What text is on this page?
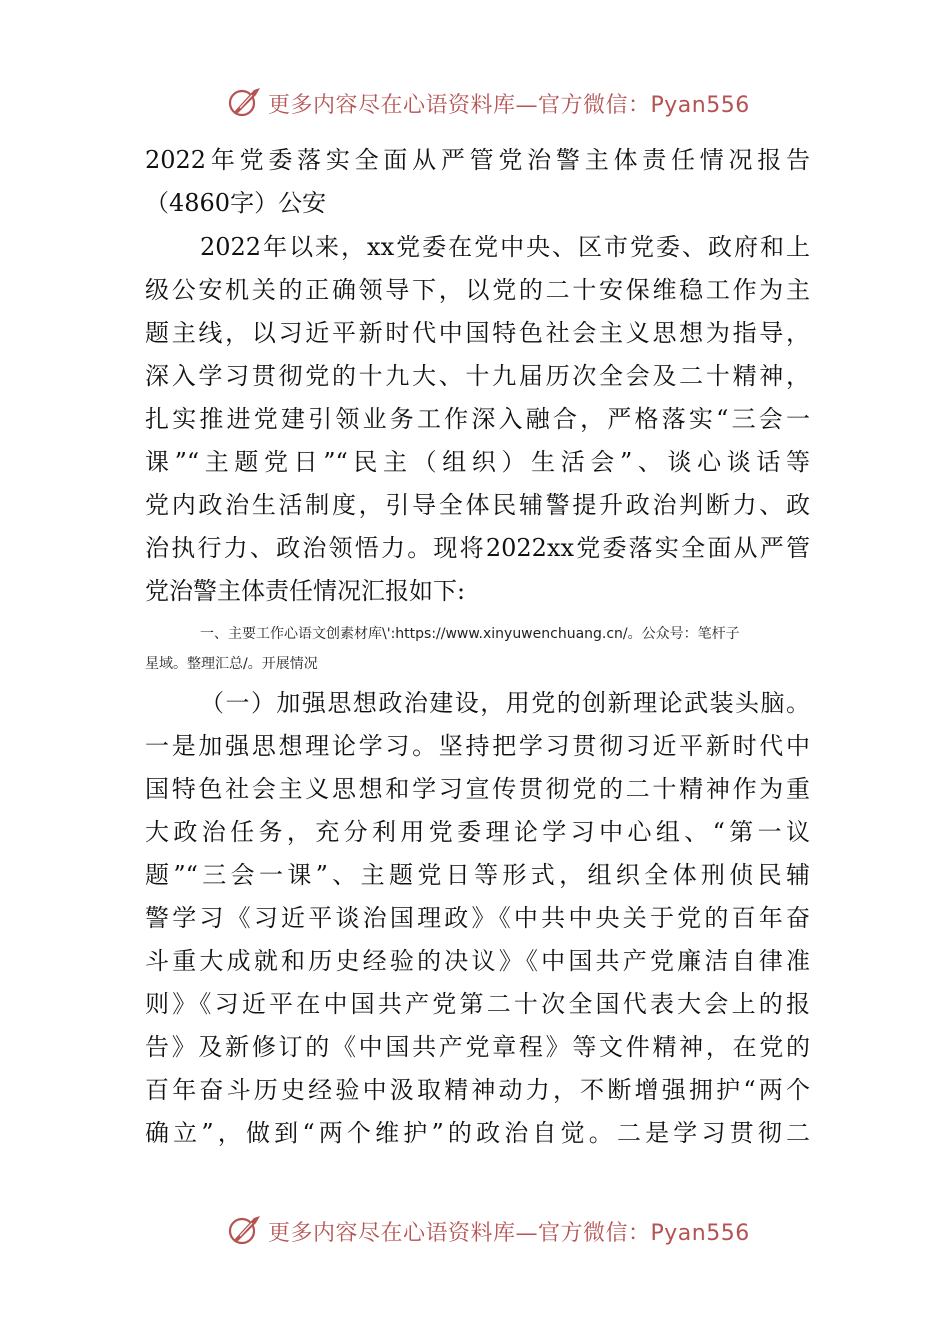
更多内容尽在心语资料库—官方微信：Pyan556
2022年党委落实全面从严管党治警主体责任情况报告
（4860字）公安
2022年以来，xx党委在党中央、区市党委、政府和上
级公安机关的正确领导下，以党的二十安保维稳工作为主
题主线，以习近平新时代中国特色社会主义思想为指导，
深入学习贯彻党的十九大、十九届历次全会及二十精神，
扎实推进党建引领业务工作深入融合，严格落实“三会一
课”“主题党日”“民主（组织）生活会”、谈心谈话等
党内政治生活制度，引导全体民辅警提升政治判断力、政
治执行力、政治领悟力。现将2022xx党委落实全面从严管
党治警主体责任情况汇报如下:
一、主要工作心语文创素材库\':https://www.xinyuwenchuang.cn/。公众号：笔杆子
星域。整理汇总/。开展情况
（一）加强思想政治建设，用党的创新理论武装头脑。
一是加强思想理论学习。坚持把学习贯彻习近平新时代中
国特色社会主义思想和学习宣传贯彻党的二十精神作为重
大政治任务，充分利用党委理论学习中心组、“第一议
题”“三会一课”、主题党日等形式，组织全体刑侦民辅
警学习《习近平谈治国理政》《中共中央关于党的百年奋
斗重大成就和历史经验的决议》《中国共产党廉洁自律准
则》《习近平在中国共产党第二十次全国代表大会上的报
告》及新修订的《中国共产党章程》等文件精神，在党的
百年奋斗历史经验中汲取精神动力，不断增强拥护“两个
确立”，做到“两个维护”的政治自觉。二是学习贯彻二
更多内容尽在心语资料库—官方微信：Pyan556
